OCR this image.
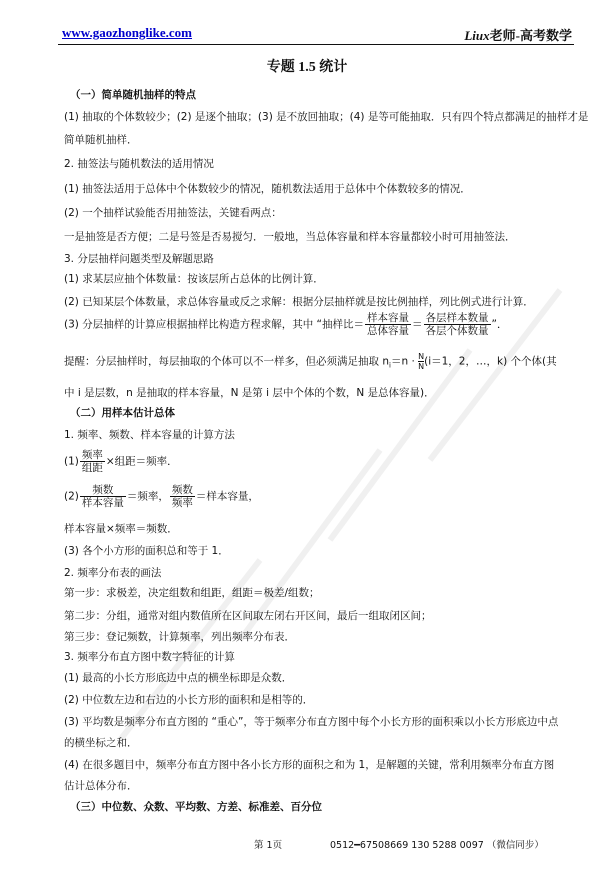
www.gaozhonglike.com	Liux老师-高考数学
专题 1.5 统计
（一）简单随机抽样的特点
(1) 抽取的个体数较少；(2) 是逐个抽取；(3) 是不放回抽取；(4) 是等可能抽取．只有四个特点都满足的抽样才是
简单随机抽样．
2. 抽签法与随机数法的适用情况
(1) 抽签法适用于总体中个体数较少的情况，随机数法适用于总体中个体数较多的情况．
(2) 一个抽样试验能否用抽签法，关键看两点：
一是抽签是否方便；二是号签是否易搅匀．一般地，当总体容量和样本容量都较小时可用抽签法．
3. 分层抽样问题类型及解题思路
(1) 求某层应抽个体数量：按该层所占总体的比例计算．
(2) 已知某层个体数量，求总体容量或反之求解：根据分层抽样就是按比例抽样，列比例式进行计算．
(3) 分层抽样的计算应根据抽样比构造方程求解，其中 “抽样比＝ $\frac{\text{样本容量}}{\text{总体容量}} = \frac{\text{各层样本数量}}{\text{各层个体数量}}$ ”．
提醒：分层抽样时，每层抽取的个体可以不一样多，但必须满足抽取 $n_i=n \cdot \frac{N}{N} (i=1$，2，…，k) 个个体(其
中 i 是层数，n 是抽取的样本容量，N 是第 i 层中个体的个数，N 是总体容量)．
（二）用样本估计总体
1. 频率、频数、样本容量的计算方法
$(1) \frac{\text{频率}}{\text{组距}}$ ×组距＝频率．
$(2) \frac{\text{频数}}{\text{样本容量}}$ ＝频率， $\frac{\text{频数}}{\text{频率}}$ ＝样本容量，
样本容量×频率＝频数．
(3) 各个小方形的面积总和等于 1．
2. 频率分布表的画法
第一步：求极差，决定组数和组距，组距＝极差/组数；
第二步：分组，通常对组内数值所在区间取左闭右开区间，最后一组取闭区间；
第三步：登记频数，计算频率，列出频率分布表．
3. 频率分布直方图中数字特征的计算
(1) 最高的小长方形底边中点的横坐标即是众数．
(2) 中位数左边和右边的小长方形的面积和是相等的．
(3) 平均数是频率分布直方图的 “重心”，等于频率分布直方图中每个小长方形的面积乘以小长方形底边中点
的横坐标之和．
(4) 在很多题目中，频率分布直方图中各小长方形的面积之和为 1，是解题的关键，常利用频率分布直方图
估计总体分布．
（三）中位数、众数、平均数、方差、标准差、百分位
第 1页	0512━67508669 130 5288 0097 （微信同步）
